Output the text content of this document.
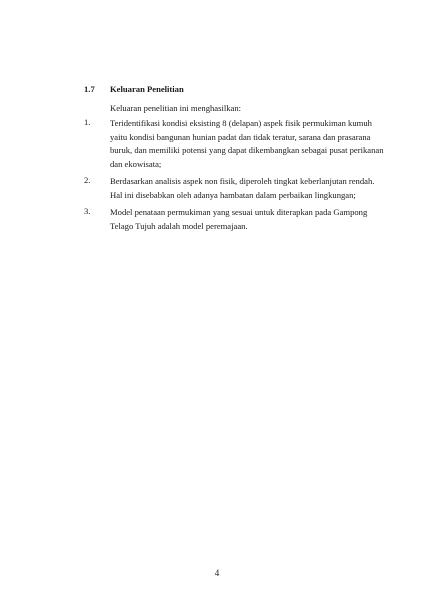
1.7 Keluaran Penelitian
Keluaran penelitian ini menghasilkan:
1.	Teridentifikasi kondisi eksisting 8 (delapan) aspek fisik permukiman kumuh
yaitu kondisi bangunan hunian padat dan tidak teratur, sarana dan prasarana
buruk, dan memiliki potensi yang dapat dikembangkan sebagai pusat perikanan
dan ekowisata;
2.	Berdasarkan analisis aspek non fisik, diperoleh tingkat keberlanjutan rendah.
Hal ini disebabkan oleh adanya hambatan dalam perbaikan lingkungan;
3.	Model penataan permukiman yang sesuai untuk diterapkan pada Gampong
Telago Tujuh adalah model peremajaan.
4
